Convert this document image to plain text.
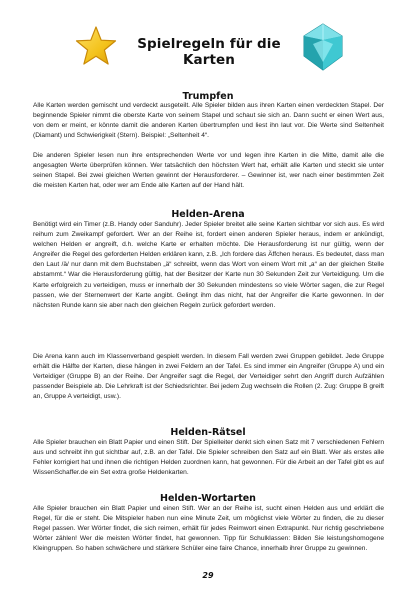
Spielregeln für die Karten
Trumpfen

Alle Karten werden gemischt und verdeckt ausgeteilt. Alle Spieler bilden aus ihren Karten einen verdeckten Stapel. Der beginnende Spieler nimmt die oberste Karte von seinem Stapel und schaut sie sich an. Dann sucht er einen Wert aus, von dem er meint, er könnte damit die anderen Karten übertrumpfen und liest ihn laut vor. Die Werte sind Seltenheit (Diamant) und Schwierigkeit (Stern). Beispiel: „Seltenheit 4“.

Die anderen Spieler lesen nun ihre entsprechenden Werte vor und legen ihre Karten in die Mitte, damit alle die angesagten Werte überprüfen können. Wer tatsächlich den höchsten Wert hat, erhält alle Karten und steckt sie unter seinen Stapel. Bei zwei gleichen Werten gewinnt der Herausforderer. – Gewinner ist, wer nach einer bestimmten Zeit die meisten Karten hat, oder wer am Ende alle Karten auf der Hand hält.

Helden-Arena

Benötigt wird ein Timer (z.B. Handy oder Sanduhr). Jeder Spieler breitet alle seine Karten sichtbar vor sich aus. Es wird reihum zum Zweikampf gefordert. Wer an der Reihe ist, fordert einen anderen Spieler heraus, indem er ankündigt, welchen Helden er angreift, d.h. welche Karte er erhalten möchte. Die Herausforderung ist nur gültig, wenn der Angreifer die Regel des geforderten Helden erklären kann, z.B. „Ich fordere das Äffchen heraus. Es bedeutet, dass man den Laut /ä/ nur dann mit dem Buchstaben „ä“ schreibt, wenn das Wort von einem Wort mit „a“ an der gleichen Stelle abstammt.“ War die Herausforderung gültig, hat der Besitzer der Karte nun 30 Sekunden Zeit zur Verteidigung. Um die Karte erfolgreich zu verteidigen, muss er innerhalb der 30 Sekunden mindestens so viele Wörter sagen, die zur Regel passen, wie der Sternenwert der Karte angibt. Gelingt ihm das nicht, hat der Angreifer die Karte gewonnen. In der nächsten Runde kann sie aber nach den gleichen Regeln zurück gefordert werden.

Die Arena kann auch im Klassenverband gespielt werden. In diesem Fall werden zwei Gruppen gebildet. Jede Gruppe erhält die Hälfte der Karten, diese hängen in zwei Feldern an der Tafel. Es sind immer ein Angreifer (Gruppe A) und ein Verteidiger (Gruppe B) an der Reihe. Der Angreifer sagt die Regel, der Verteidiger sehrt den Angriff durch Aufzählen passender Beispiele ab. Die Lehrkraft ist der Schiedsrichter. Bei jedem Zug wechseln die Rollen (2. Zug: Gruppe B greift an, Gruppe A verteidigt, usw.).

Helden-Rätsel

Alle Spieler brauchen ein Blatt Papier und einen Stift. Der Spielleiter denkt sich einen Satz mit 7 verschiedenen Fehlern aus und schreibt ihn gut sichtbar auf, z.B. an der Tafel. Die Spieler schreiben den Satz auf ein Blatt. Wer als erstes alle Fehler korrigiert hat und ihnen die richtigen Helden zuordnen kann, hat gewonnen. Für die Arbeit an der Tafel gibt es auf WissenSchaffer.de ein Set extra große Heldenkarten.

Helden-Wortarten

Alle Spieler brauchen ein Blatt Papier und einen Stift. Wer an der Reihe ist, sucht einen Helden aus und erklärt die Regel, für die er steht. Die Mitspieler haben nun eine Minute Zeit, um möglichst viele Wörter zu finden, die zu dieser Regel passen. Wer Wörter findet, die sich reimen, erhält für jedes Reimwort einen Extrapunkt. Nur richtig geschriebene Wörter zählen! Wer die meisten Wörter findet, hat gewonnen. Tipp für Schulklassen: Bilden Sie leistungshomogene Kleingruppen. So haben schwächere und stärkere Schüler eine faire Chance, innerhalb ihrer Gruppe zu gewinnen.

29
